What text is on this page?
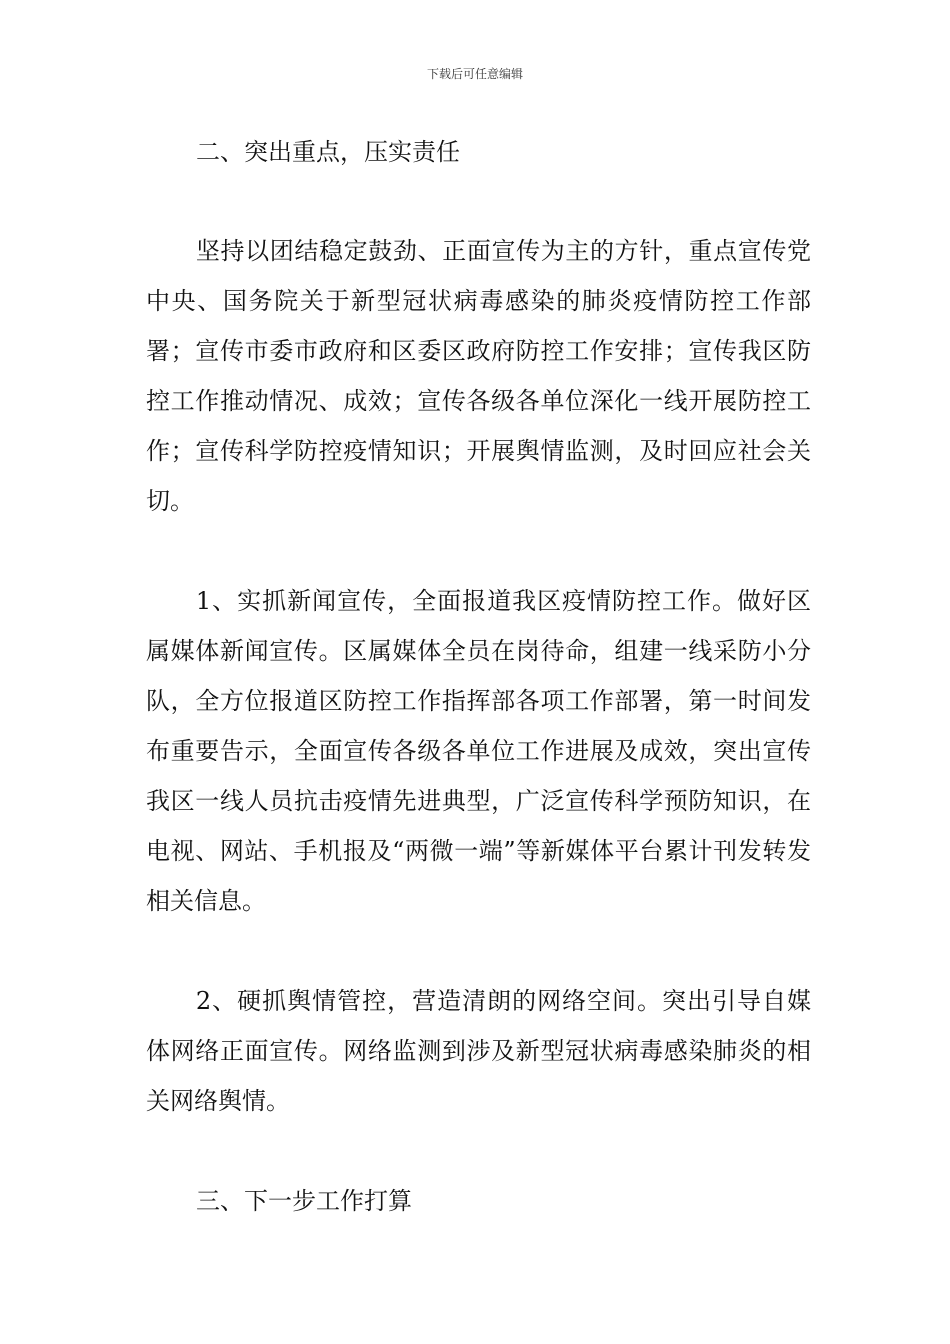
下载后可任意编辑

二、突出重点，压实责任

坚持以团结稳定鼓劲、正面宣传为主的方针，重点宣传党中央、国务院关于新型冠状病毒感染的肺炎疫情防控工作部署；宣传市委市政府和区委区政府防控工作安排；宣传我区防控工作推动情况、成效；宣传各级各单位深化一线开展防控工作；宣传科学防控疫情知识；开展舆情监测，及时回应社会关切。

1、实抓新闻宣传，全面报道我区疫情防控工作。做好区属媒体新闻宣传。区属媒体全员在岗待命，组建一线采防小分队，全方位报道区防控工作指挥部各项工作部署，第一时间发布重要告示，全面宣传各级各单位工作进展及成效，突出宣传我区一线人员抗击疫情先进典型，广泛宣传科学预防知识，在电视、网站、手机报及“两微一端”等新媒体平台累计刊发转发相关信息。

2、硬抓舆情管控，营造清朗的网络空间。突出引导自媒体网络正面宣传。网络监测到涉及新型冠状病毒感染肺炎的相关网络舆情。

三、下一步工作打算
